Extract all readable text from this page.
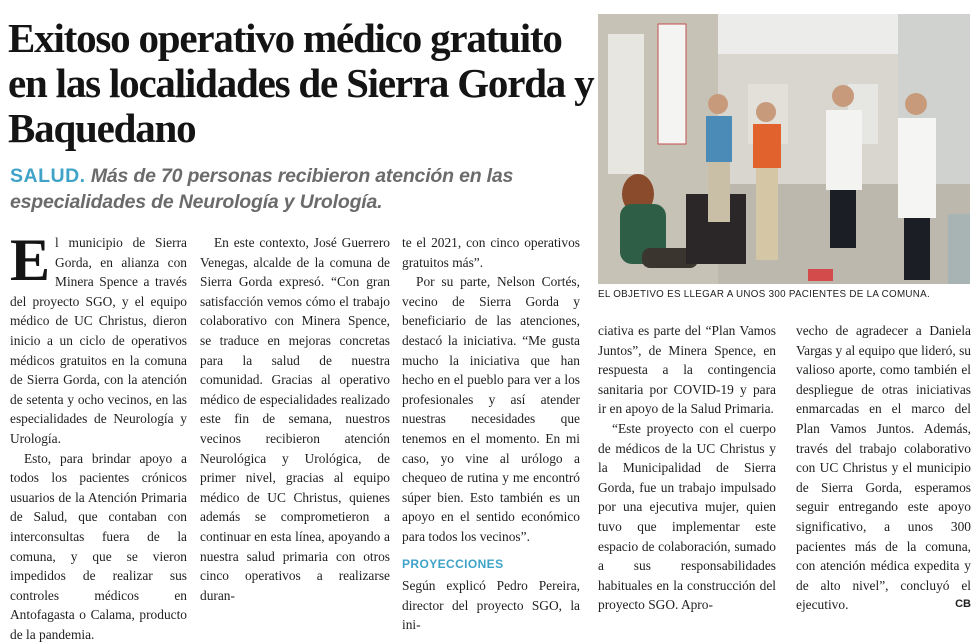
Exitoso operativo médico gratuito en las localidades de Sierra Gorda y Baquedano

SALUD. Más de 70 personas recibieron atención en las especialidades de Neurología y Urología.

EL OBJETIVO ES LLEGAR A UNOS 300 PACIENTES DE LA COMUNA.

El municipio de Sierra Gorda, en alianza con Minera Spence a través del proyecto SGO, y el equipo médico de UC Christus, dieron inicio a un ciclo de operativos médicos gratuitos en la comuna de Sierra Gorda, con la atención de setenta y ocho vecinos, en las especialidades de Neurología y Urología.

Esto, para brindar apoyo a todos los pacientes crónicos usuarios de la Atención Primaria de Salud, que contaban con interconsultas fuera de la comuna, y que se vieron impedidos de realizar sus controles médicos en Antofagasta o Calama, producto de la pandemia.

En este contexto, José Guerrero Venegas, alcalde de la comuna de Sierra Gorda expresó. “Con gran satisfacción vemos cómo el trabajo colaborativo con Minera Spence, se traduce en mejoras concretas para la salud de nuestra comunidad. Gracias al operativo médico de especialidades realizado este fin de semana, nuestros vecinos recibieron atención Neurológica y Urológica, de primer nivel, gracias al equipo médico de UC Christus, quienes además se comprometieron a continuar en esta línea, apoyando a nuestra salud primaria con otros cinco operativos a realizarse duran-

te el 2021, con cinco operativos gratuitos más”.

Por su parte, Nelson Cortés, vecino de Sierra Gorda y beneficiario de las atenciones, destacó la iniciativa. “Me gusta mucho la iniciativa que han hecho en el pueblo para ver a los profesionales y así atender nuestras necesidades que tenemos en el momento. En mi caso, yo vine al urólogo a chequeo de rutina y me encontró súper bien. Esto también es un apoyo en el sentido económico para todos los vecinos”.

PROYECCIONES

Según explicó Pedro Pereira, director del proyecto SGO, la ini-

ciativa es parte del “Plan Vamos Juntos”, de Minera Spence, en respuesta a la contingencia sanitaria por COVID-19 y para ir en apoyo de la Salud Primaria.

“Este proyecto con el cuerpo de médicos de la UC Christus y la Municipalidad de Sierra Gorda, fue un trabajo impulsado por una ejecutiva mujer, quien tuvo que implementar este espacio de colaboración, sumado a sus responsabilidades habituales en la construcción del proyecto SGO. Apro-

vecho de agradecer a Daniela Vargas y al equipo que lideró, su valioso aporte, como también el despliegue de otras iniciativas enmarcadas en el marco del Plan Vamos Juntos. Además, través del trabajo colaborativo con UC Christus y el municipio de Sierra Gorda, esperamos seguir entregando este apoyo significativo, a unos 300 pacientes más de la comuna, con atención médica expedita y de alto nivel”, concluyó el ejecutivo.	CB
